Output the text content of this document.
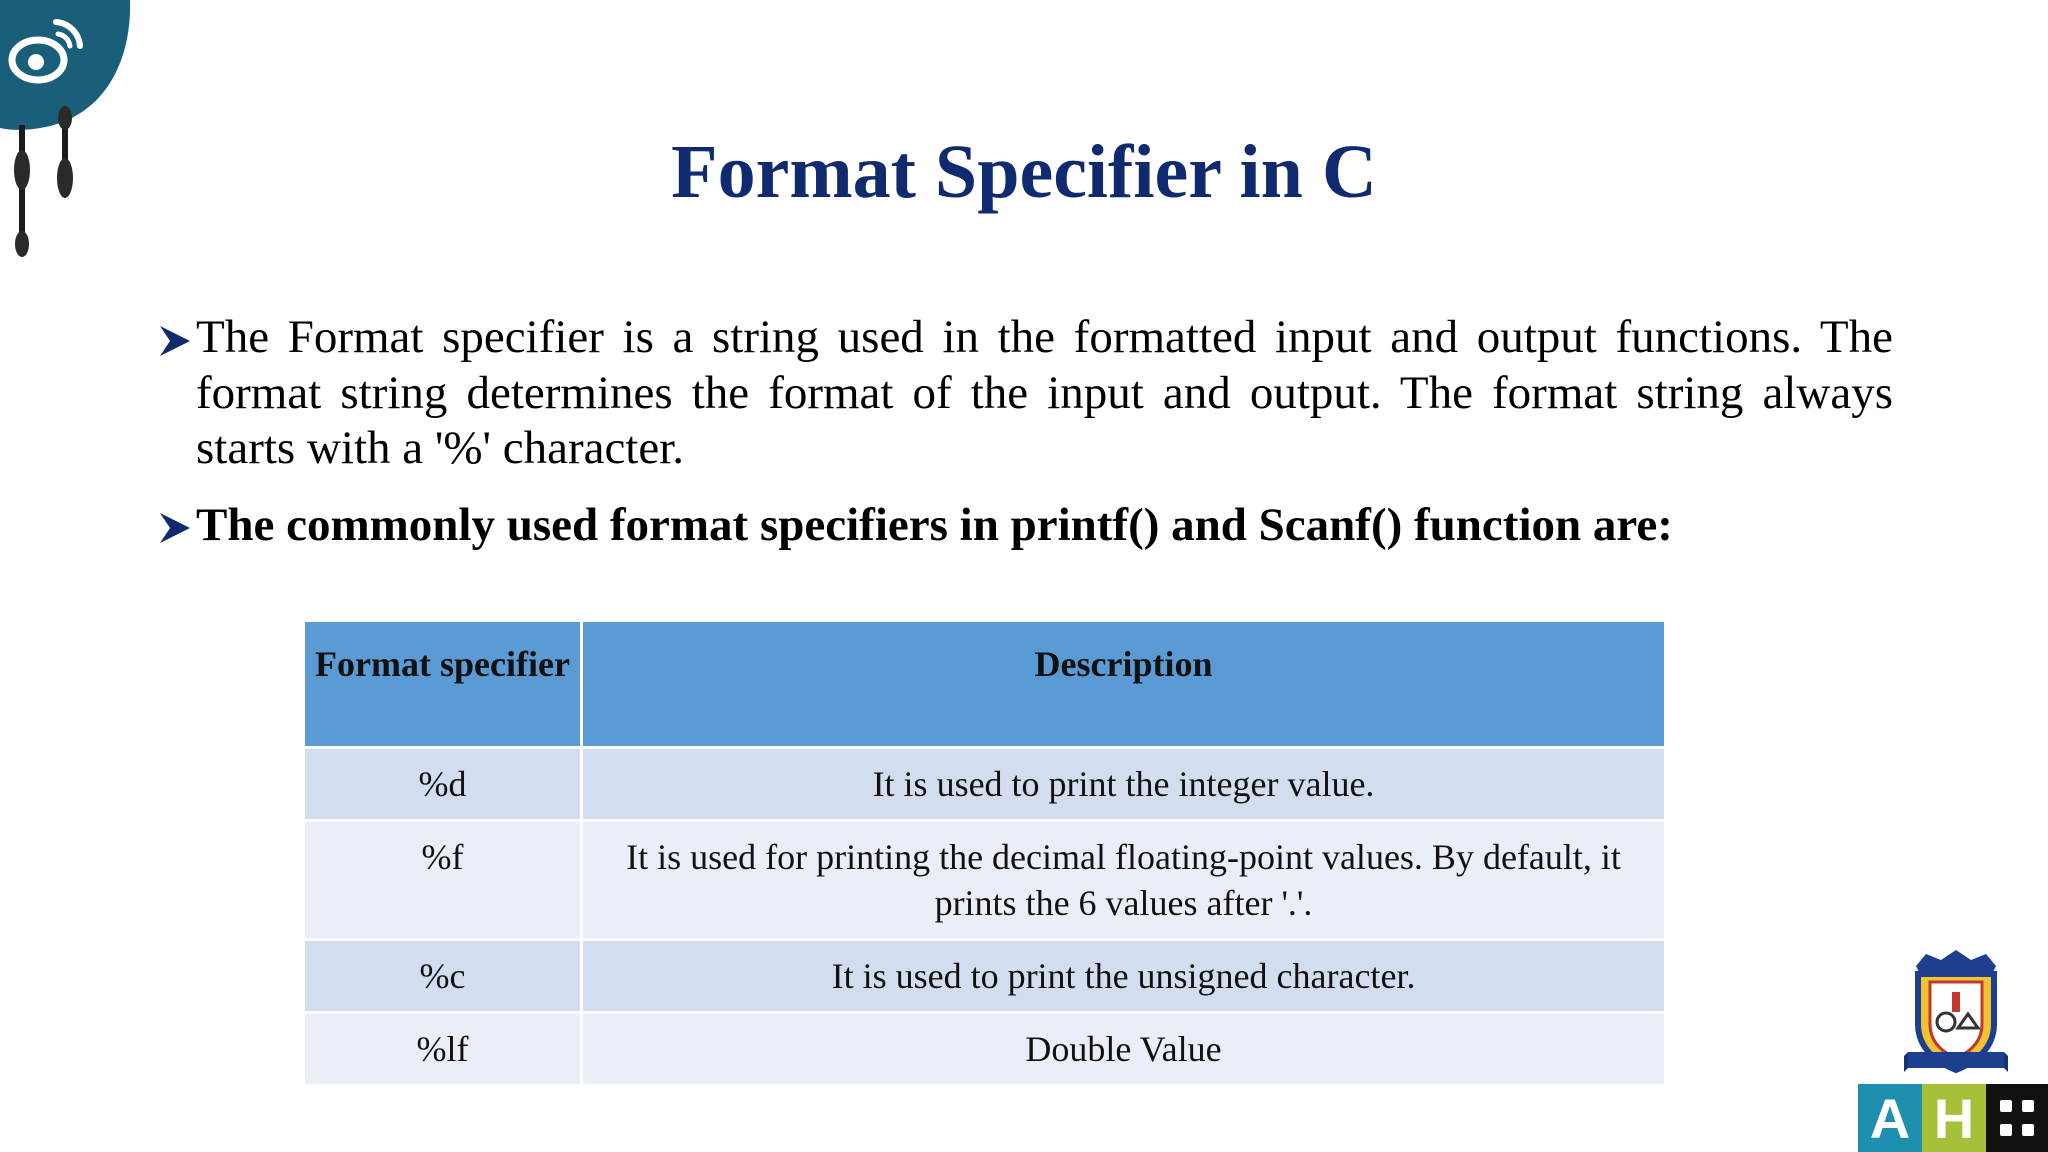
Format Specifier in C
The Format specifier is a string used in the formatted input and output functions. The format string determines the format of the input and output. The format string always starts with a '%' character.
The commonly used format specifiers in printf() and Scanf() function are:
Format specifier	Description
%d	It is used to print the integer value.
%f	It is used for printing the decimal floating-point values. By default, it prints the 6 values after '.'.
%c	It is used to print the unsigned character.
%lf	Double Value
A H
